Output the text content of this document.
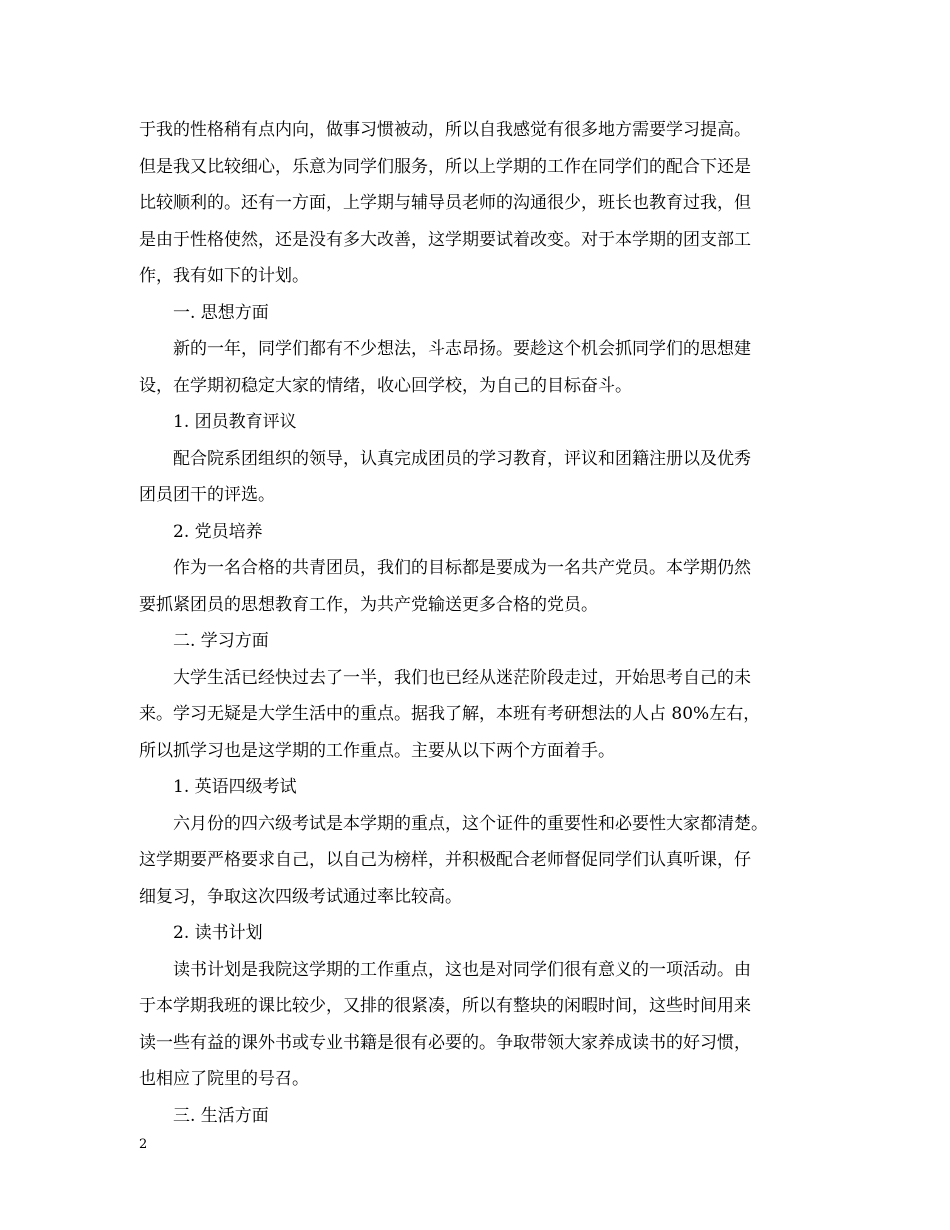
于我的性格稍有点内向，做事习惯被动，所以自我感觉有很多地方需要学习提高。
但是我又比较细心，乐意为同学们服务，所以上学期的工作在同学们的配合下还是
比较顺利的。还有一方面，上学期与辅导员老师的沟通很少，班长也教育过我，但
是由于性格使然，还是没有多大改善，这学期要试着改变。对于本学期的团支部工
作，我有如下的计划。
一. 思想方面
新的一年，同学们都有不少想法，斗志昂扬。要趁这个机会抓同学们的思想建
设，在学期初稳定大家的情绪，收心回学校，为自己的目标奋斗。
1. 团员教育评议
配合院系团组织的领导，认真完成团员的学习教育，评议和团籍注册以及优秀
团员团干的评选。
2. 党员培养
作为一名合格的共青团员，我们的目标都是要成为一名共产党员。本学期仍然
要抓紧团员的思想教育工作，为共产党输送更多合格的党员。
二. 学习方面
大学生活已经快过去了一半，我们也已经从迷茫阶段走过，开始思考自己的未
来。学习无疑是大学生活中的重点。据我了解，本班有考研想法的人占 80%左右，
所以抓学习也是这学期的工作重点。主要从以下两个方面着手。
1. 英语四级考试
六月份的四六级考试是本学期的重点，这个证件的重要性和必要性大家都清楚。
这学期要严格要求自己，以自己为榜样，并积极配合老师督促同学们认真听课，仔
细复习，争取这次四级考试通过率比较高。
2. 读书计划
读书计划是我院这学期的工作重点，这也是对同学们很有意义的一项活动。由
于本学期我班的课比较少，又排的很紧凑，所以有整块的闲暇时间，这些时间用来
读一些有益的课外书或专业书籍是很有必要的。争取带领大家养成读书的好习惯，
也相应了院里的号召。
三. 生活方面
2
